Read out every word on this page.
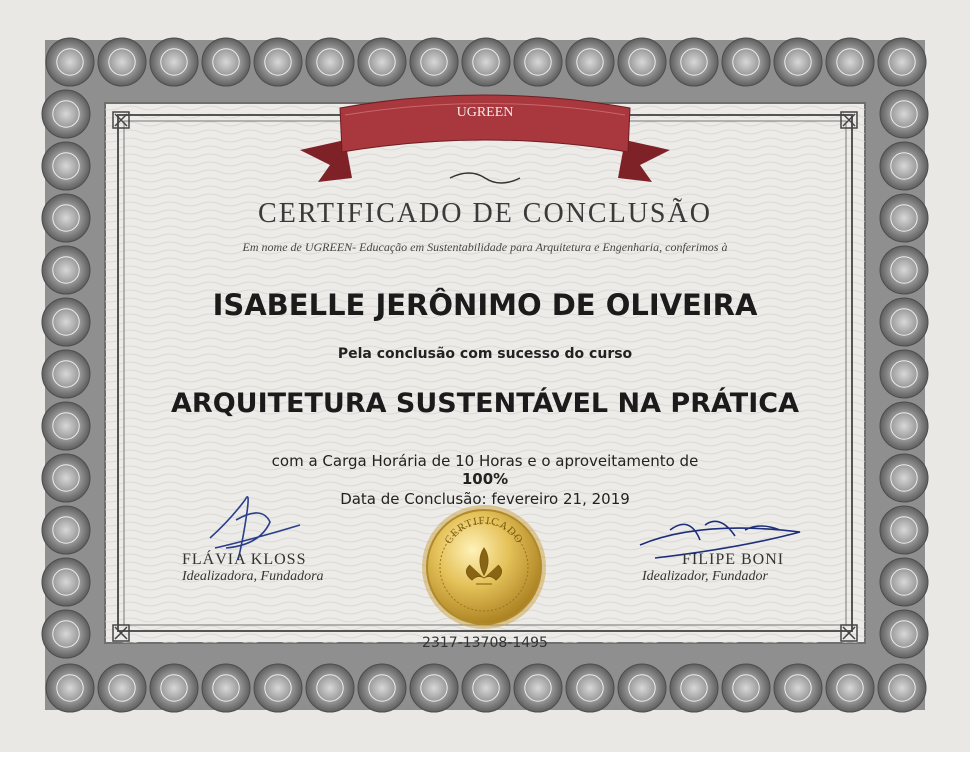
UGREEN
CERTIFICADO
CERTIFICADO DE CONCLUSÃO
Em nome de UGREEN- Educação em Sustentabilidade para Arquitetura e Engenharia, conferimos à
ISABELLE JERÔNIMO DE OLIVEIRA
Pela conclusão com sucesso do curso
ARQUITETURA SUSTENTÁVEL NA PRÁTICA
com a Carga Horária de 10 Horas e o aproveitamento de
100%
Data de Conclusão: fevereiro 21, 2019
2317-13708-1495
FLÁVIA KLOSS
Idealizadora, Fundadora
FILIPE BONI
Idealizador, Fundador
